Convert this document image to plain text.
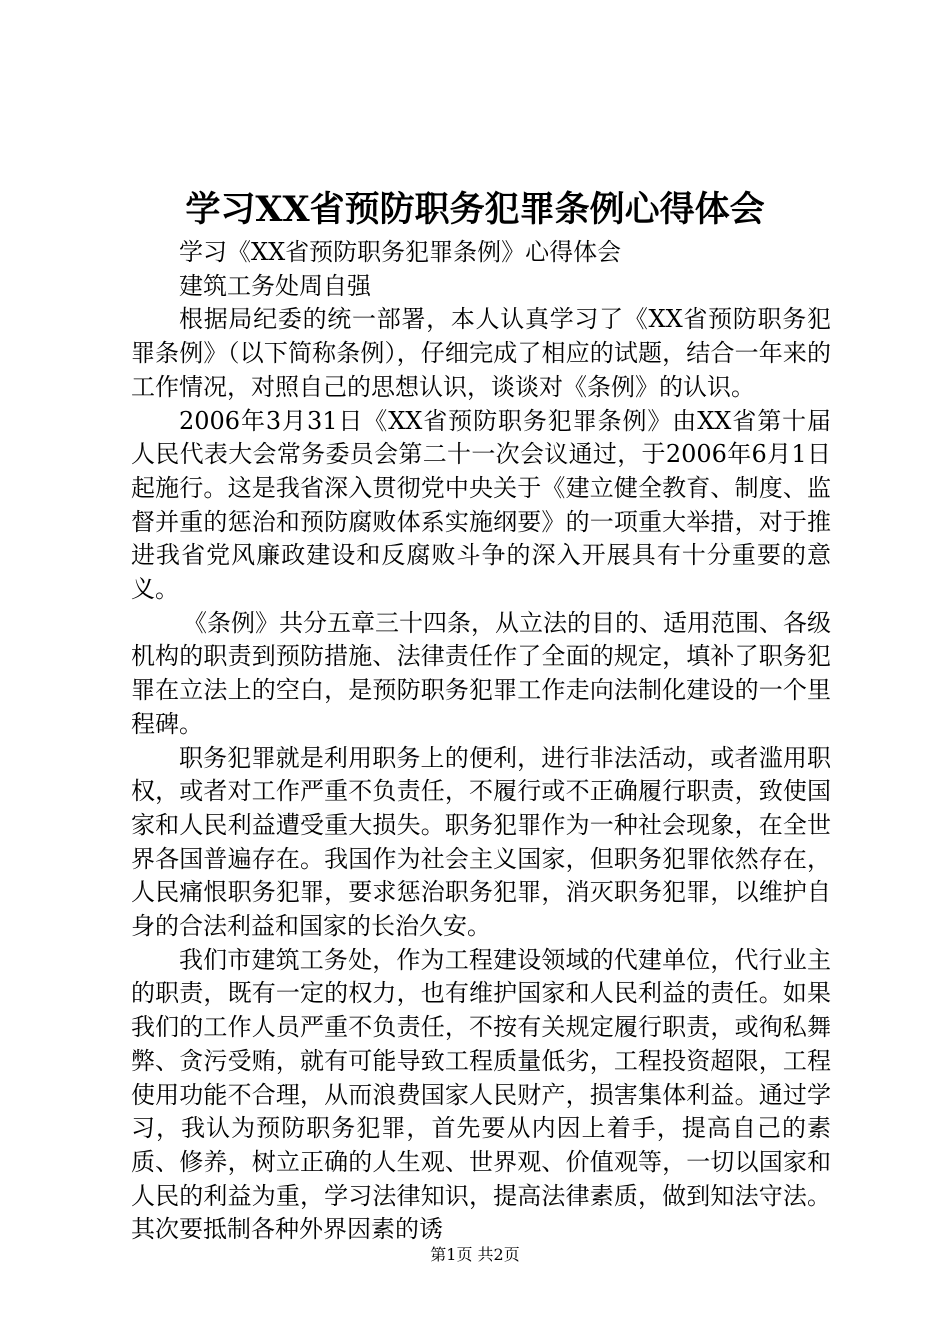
学习XX省预防职务犯罪条例心得体会

学习《XX省预防职务犯罪条例》心得体会

建筑工务处周自强

根据局纪委的统一部署，本人认真学习了《XX省预防职务犯罪条例》（以下简称条例），仔细完成了相应的试题，结合一年来的工作情况，对照自己的思想认识，谈谈对《条例》的认识。

2006年3月31日《XX省预防职务犯罪条例》由XX省第十届人民代表大会常务委员会第二十一次会议通过，于2006年6月1日起施行。这是我省深入贯彻党中央关于《建立健全教育、制度、监督并重的惩治和预防腐败体系实施纲要》的一项重大举措，对于推进我省党风廉政建设和反腐败斗争的深入开展具有十分重要的意义。

《条例》共分五章三十四条，从立法的目的、适用范围、各级机构的职责到预防措施、法律责任作了全面的规定，填补了职务犯罪在立法上的空白，是预防职务犯罪工作走向法制化建设的一个里程碑。

职务犯罪就是利用职务上的便利，进行非法活动，或者滥用职权，或者对工作严重不负责任，不履行或不正确履行职责，致使国家和人民利益遭受重大损失。职务犯罪作为一种社会现象，在全世界各国普遍存在。我国作为社会主义国家，但职务犯罪依然存在，人民痛恨职务犯罪，要求惩治职务犯罪，消灭职务犯罪，以维护自身的合法利益和国家的长治久安。

我们市建筑工务处，作为工程建设领域的代建单位，代行业主的职责，既有一定的权力，也有维护国家和人民利益的责任。如果我们的工作人员严重不负责任，不按有关规定履行职责，或徇私舞弊、贪污受贿，就有可能导致工程质量低劣，工程投资超限，工程使用功能不合理，从而浪费国家人民财产，损害集体利益。通过学习，我认为预防职务犯罪，首先要从内因上着手，提高自己的素质、修养，树立正确的人生观、世界观、价值观等，一切以国家和人民的利益为重，学习法律知识，提高法律素质，做到知法守法。其次要抵制各种外界因素的诱

第1页 共2页
